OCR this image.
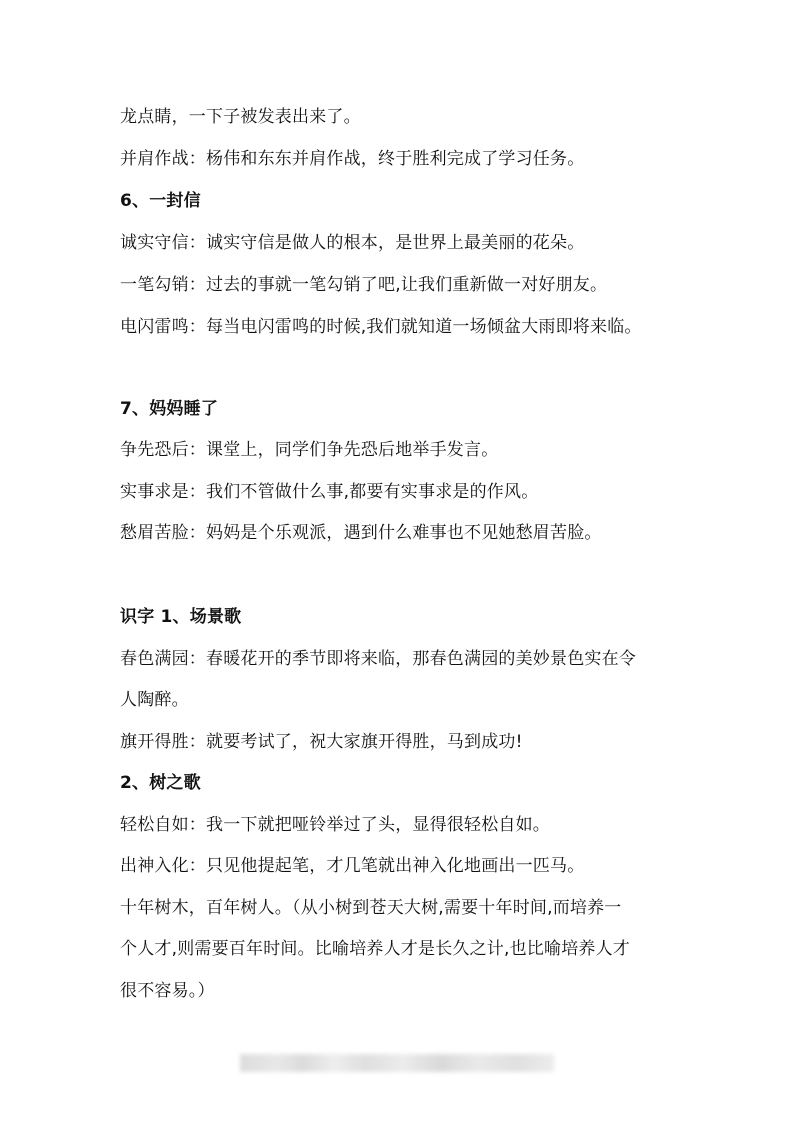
龙点睛，一下子被发表出来了。
并肩作战：杨伟和东东并肩作战，终于胜利完成了学习任务。
6、一封信
诚实守信：诚实守信是做人的根本，是世界上最美丽的花朵。
一笔勾销：过去的事就一笔勾销了吧,让我们重新做一对好朋友。
电闪雷鸣：每当电闪雷鸣的时候,我们就知道一场倾盆大雨即将来临。
7、妈妈睡了
争先恐后：课堂上，同学们争先恐后地举手发言。
实事求是：我们不管做什么事,都要有实事求是的作风。
愁眉苦脸：妈妈是个乐观派，遇到什么难事也不见她愁眉苦脸。
识字 1、场景歌
春色满园：春暖花开的季节即将来临，那春色满园的美妙景色实在令
人陶醉。
旗开得胜：就要考试了，祝大家旗开得胜，马到成功!
2、树之歌
轻松自如：我一下就把哑铃举过了头，显得很轻松自如。
出神入化：只见他提起笔，才几笔就出神入化地画出一匹马。
十年树木，百年树人。（从小树到苍天大树,需要十年时间,而培养一
个人才,则需要百年时间。比喻培养人才是长久之计,也比喻培养人才
很不容易。）
